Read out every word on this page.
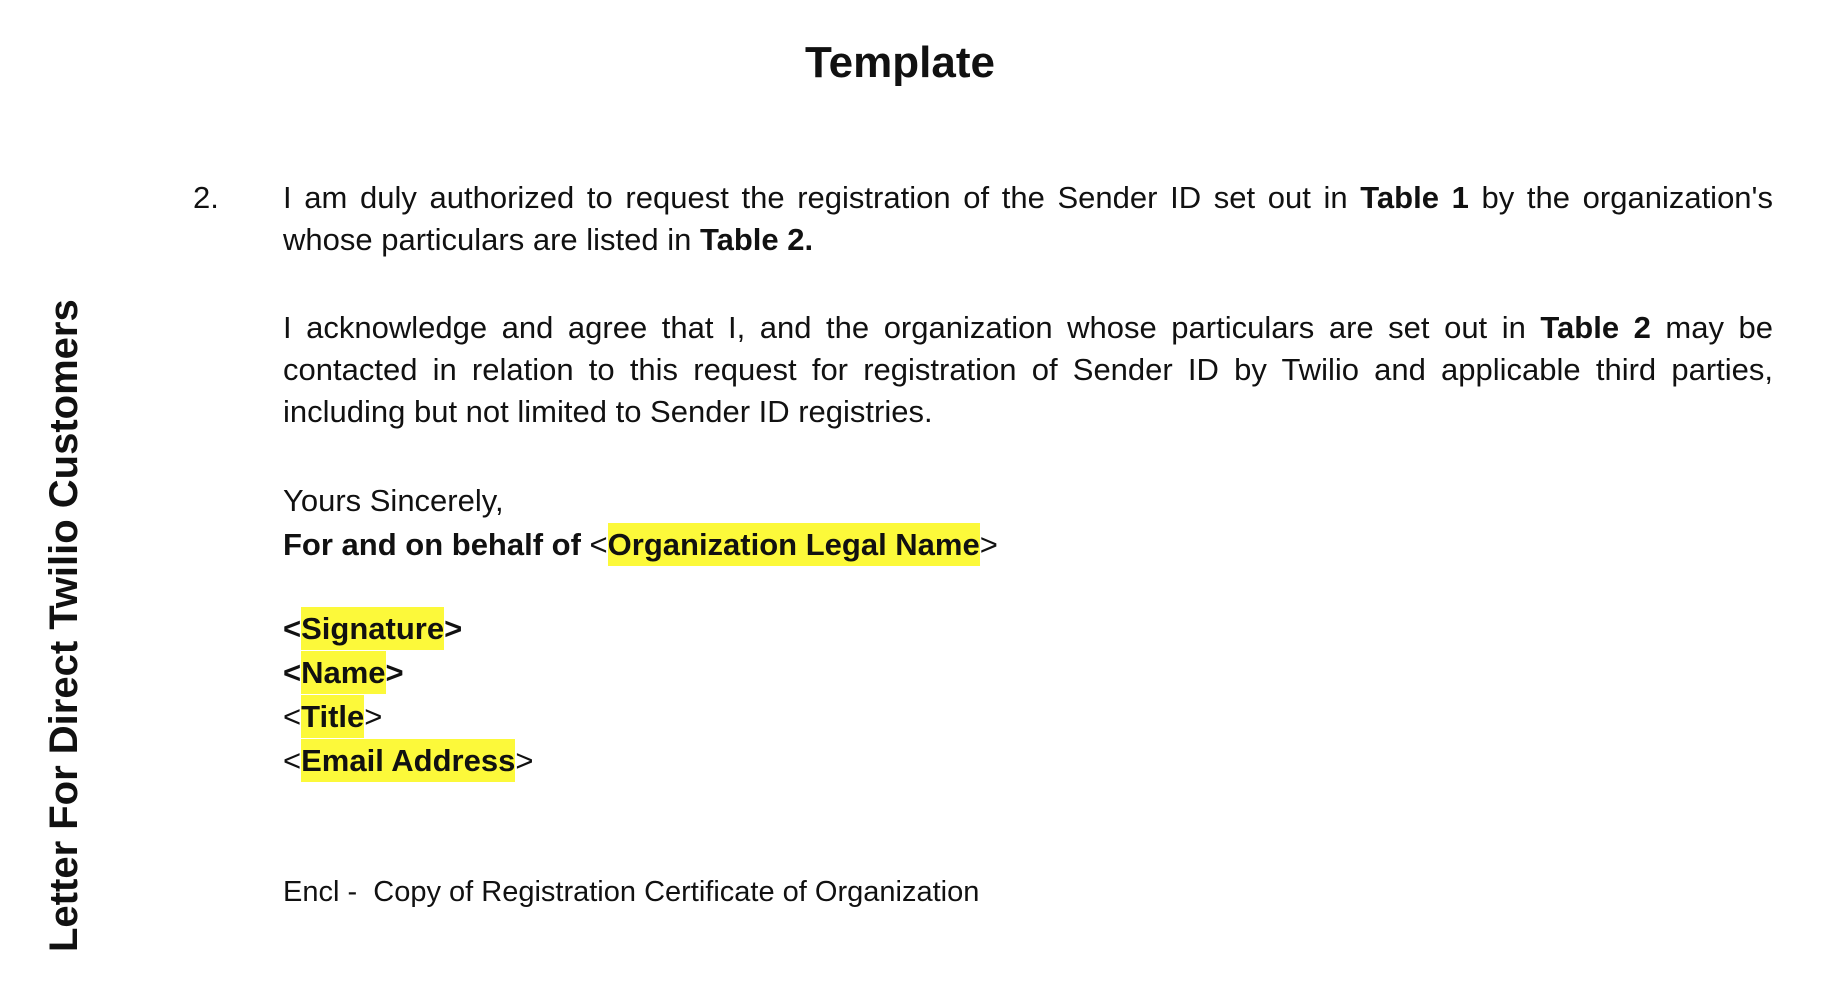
Template
Letter For Direct Twilio Customers
2.	I am duly authorized to request the registration of the Sender ID set out in Table 1 by the organization's whose particulars are listed in Table 2.
I acknowledge and agree that I, and the organization whose particulars are set out in Table 2 may be contacted in relation to this request for registration of Sender ID by Twilio and applicable third parties, including but not limited to Sender ID registries.
Yours Sincerely,
For and on behalf of <Organization Legal Name>
<Signature>
<Name>
<Title>
<Email Address>
Encl - Copy of Registration Certificate of Organization
